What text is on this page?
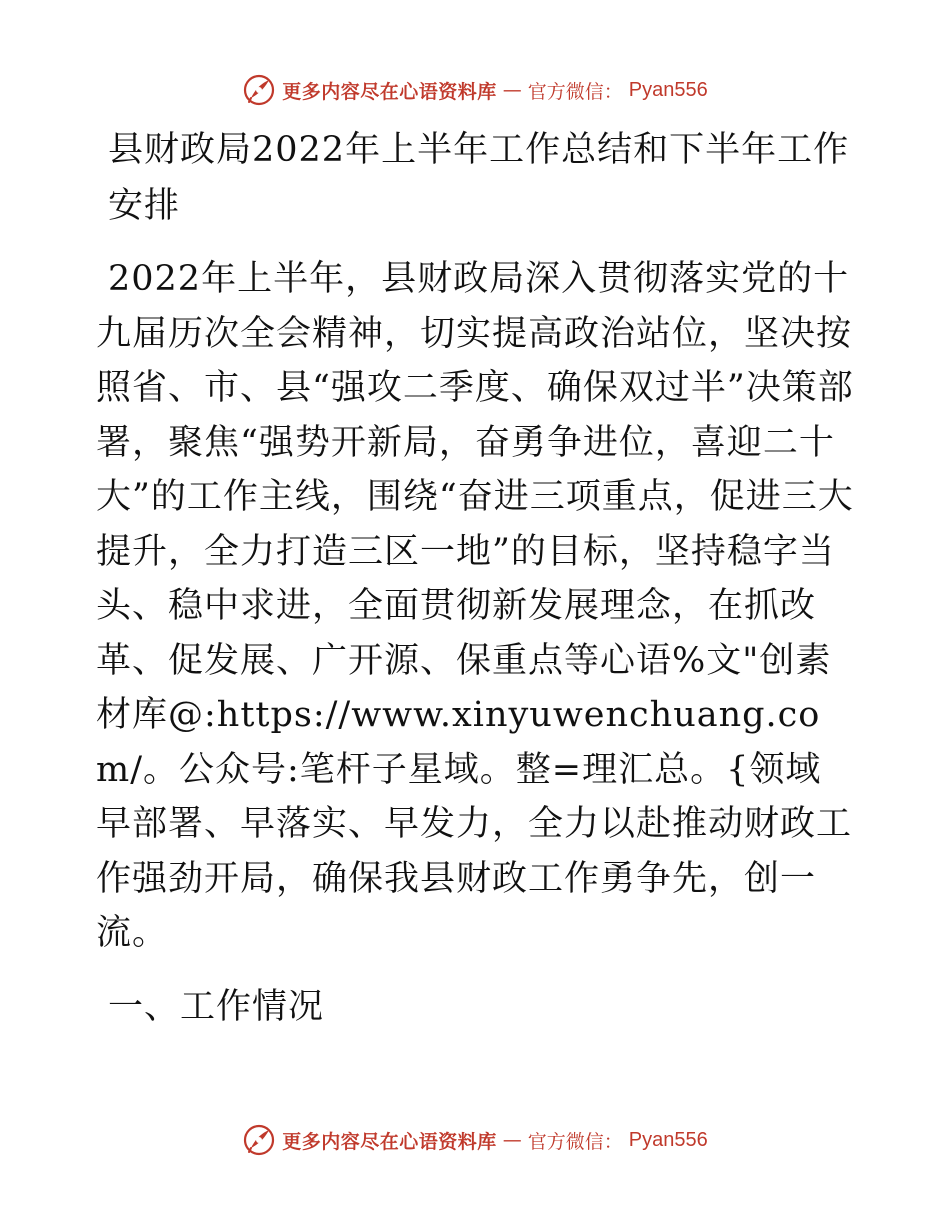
更多内容尽在心语资料库 — 官方微信： Pyan556
县财政局2022年上半年工作总结和下半年工作安排

2022年上半年，县财政局深入贯彻落实党的十九届历次全会精神，切实提高政治站位，坚决按照省、市、县“强攻二季度、确保双过半”决策部署，聚焦“强势开新局，奋勇争进位，喜迎二十大”的工作主线，围绕“奋进三项重点，促进三大提升，全力打造三区一地”的目标，坚持稳字当头、稳中求进，全面贯彻新发展理念，在抓改革、促发展、广开源、保重点等心语%文"创素材库@:https://www.xinyuwenchuang.com/。公众号:笔杆子星域。整=理汇总。{领域早部署、早落实、早发力，全力以赴推动财政工作强劲开局，确保我县财政工作勇争先，创一流。

一、工作情况
更多内容尽在心语资料库 — 官方微信： Pyan556
